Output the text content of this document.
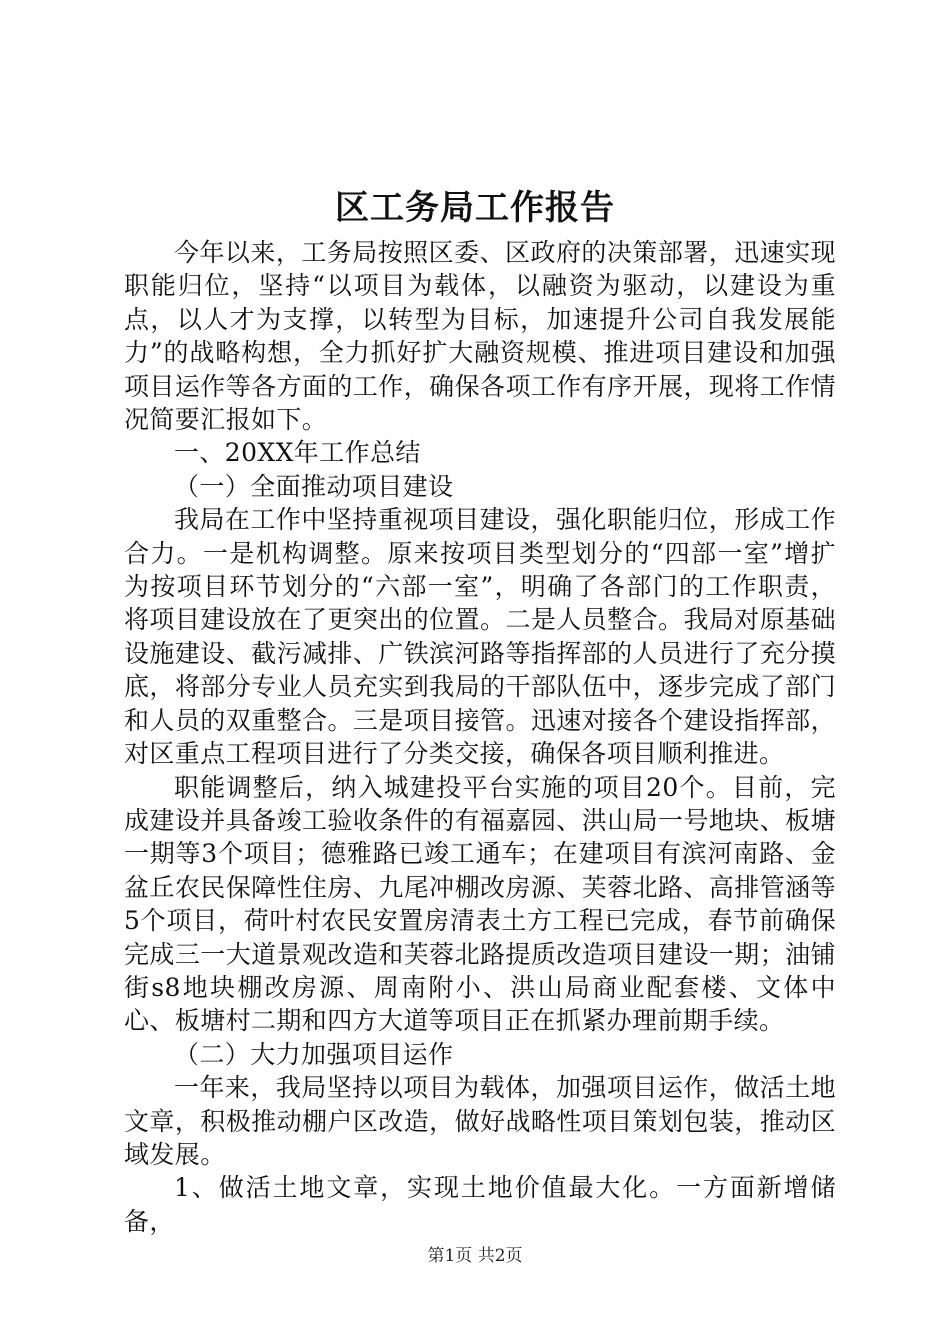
区工务局工作报告

今年以来，工务局按照区委、区政府的决策部署，迅速实现职能归位，坚持“以项目为载体，以融资为驱动，以建设为重点，以人才为支撑，以转型为目标，加速提升公司自我发展能力”的战略构想，全力抓好扩大融资规模、推进项目建设和加强项目运作等各方面的工作，确保各项工作有序开展，现将工作情况简要汇报如下。

一、20XX年工作总结

（一）全面推动项目建设

我局在工作中坚持重视项目建设，强化职能归位，形成工作合力。一是机构调整。原来按项目类型划分的“四部一室”增扩为按项目环节划分的“六部一室”，明确了各部门的工作职责，将项目建设放在了更突出的位置。二是人员整合。我局对原基础设施建设、截污减排、广铁滨河路等指挥部的人员进行了充分摸底，将部分专业人员充实到我局的干部队伍中，逐步完成了部门和人员的双重整合。三是项目接管。迅速对接各个建设指挥部，对区重点工程项目进行了分类交接，确保各项目顺利推进。

职能调整后，纳入城建投平台实施的项目20个。目前，完成建设并具备竣工验收条件的有福嘉园、洪山局一号地块、板塘一期等3个项目；德雅路已竣工通车；在建项目有滨河南路、金盆丘农民保障性住房、九尾冲棚改房源、芙蓉北路、高排管涵等5个项目，荷叶村农民安置房清表土方工程已完成，春节前确保完成三一大道景观改造和芙蓉北路提质改造项目建设一期；油铺街s8地块棚改房源、周南附小、洪山局商业配套楼、文体中心、板塘村二期和四方大道等项目正在抓紧办理前期手续。

（二）大力加强项目运作

一年来，我局坚持以项目为载体，加强项目运作，做活土地文章，积极推动棚户区改造，做好战略性项目策划包装，推动区域发展。

1、做活土地文章，实现土地价值最大化。一方面新增储备，

第1页 共2页
